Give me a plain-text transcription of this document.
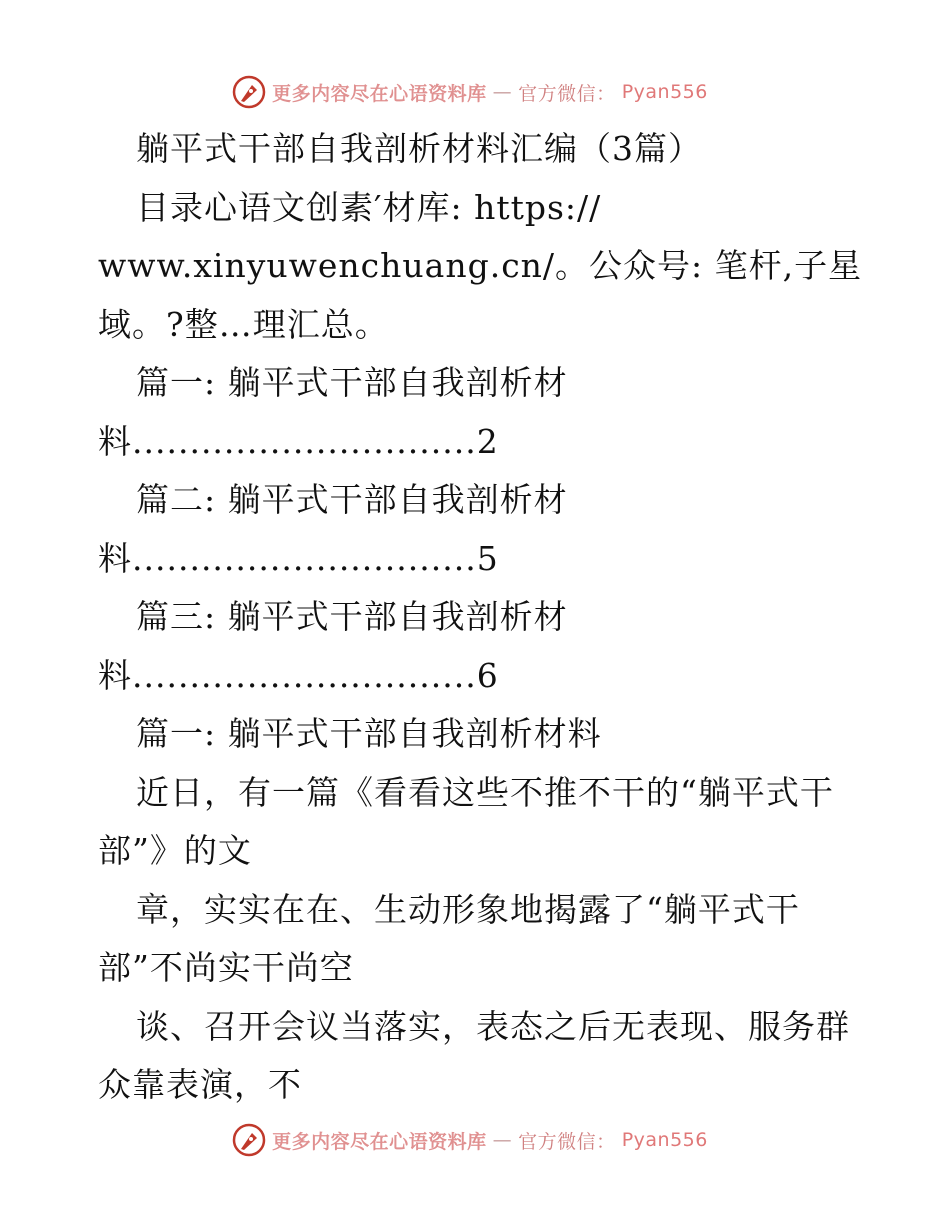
更多内容尽在心语资料库 — 官方微信： Pyan556
躺平式干部自我剖析材料汇编（3篇）
目录心语文创素′材库: https://
www.xinyuwenchuang.cn/。公众号: 笔杆,子星
域。?整…理汇总。
篇一: 躺平式干部自我剖析材
料..............................2
篇二: 躺平式干部自我剖析材
料..............................5
篇三: 躺平式干部自我剖析材
料..............................6
篇一: 躺平式干部自我剖析材料
近日，有一篇《看看这些不推不干的“躺平式干
部”》的文
章，实实在在、生动形象地揭露了“躺平式干
部”不尚实干尚空
谈、召开会议当落实，表态之后无表现、服务群
众靠表演，不
更多内容尽在心语资料库 — 官方微信： Pyan556
